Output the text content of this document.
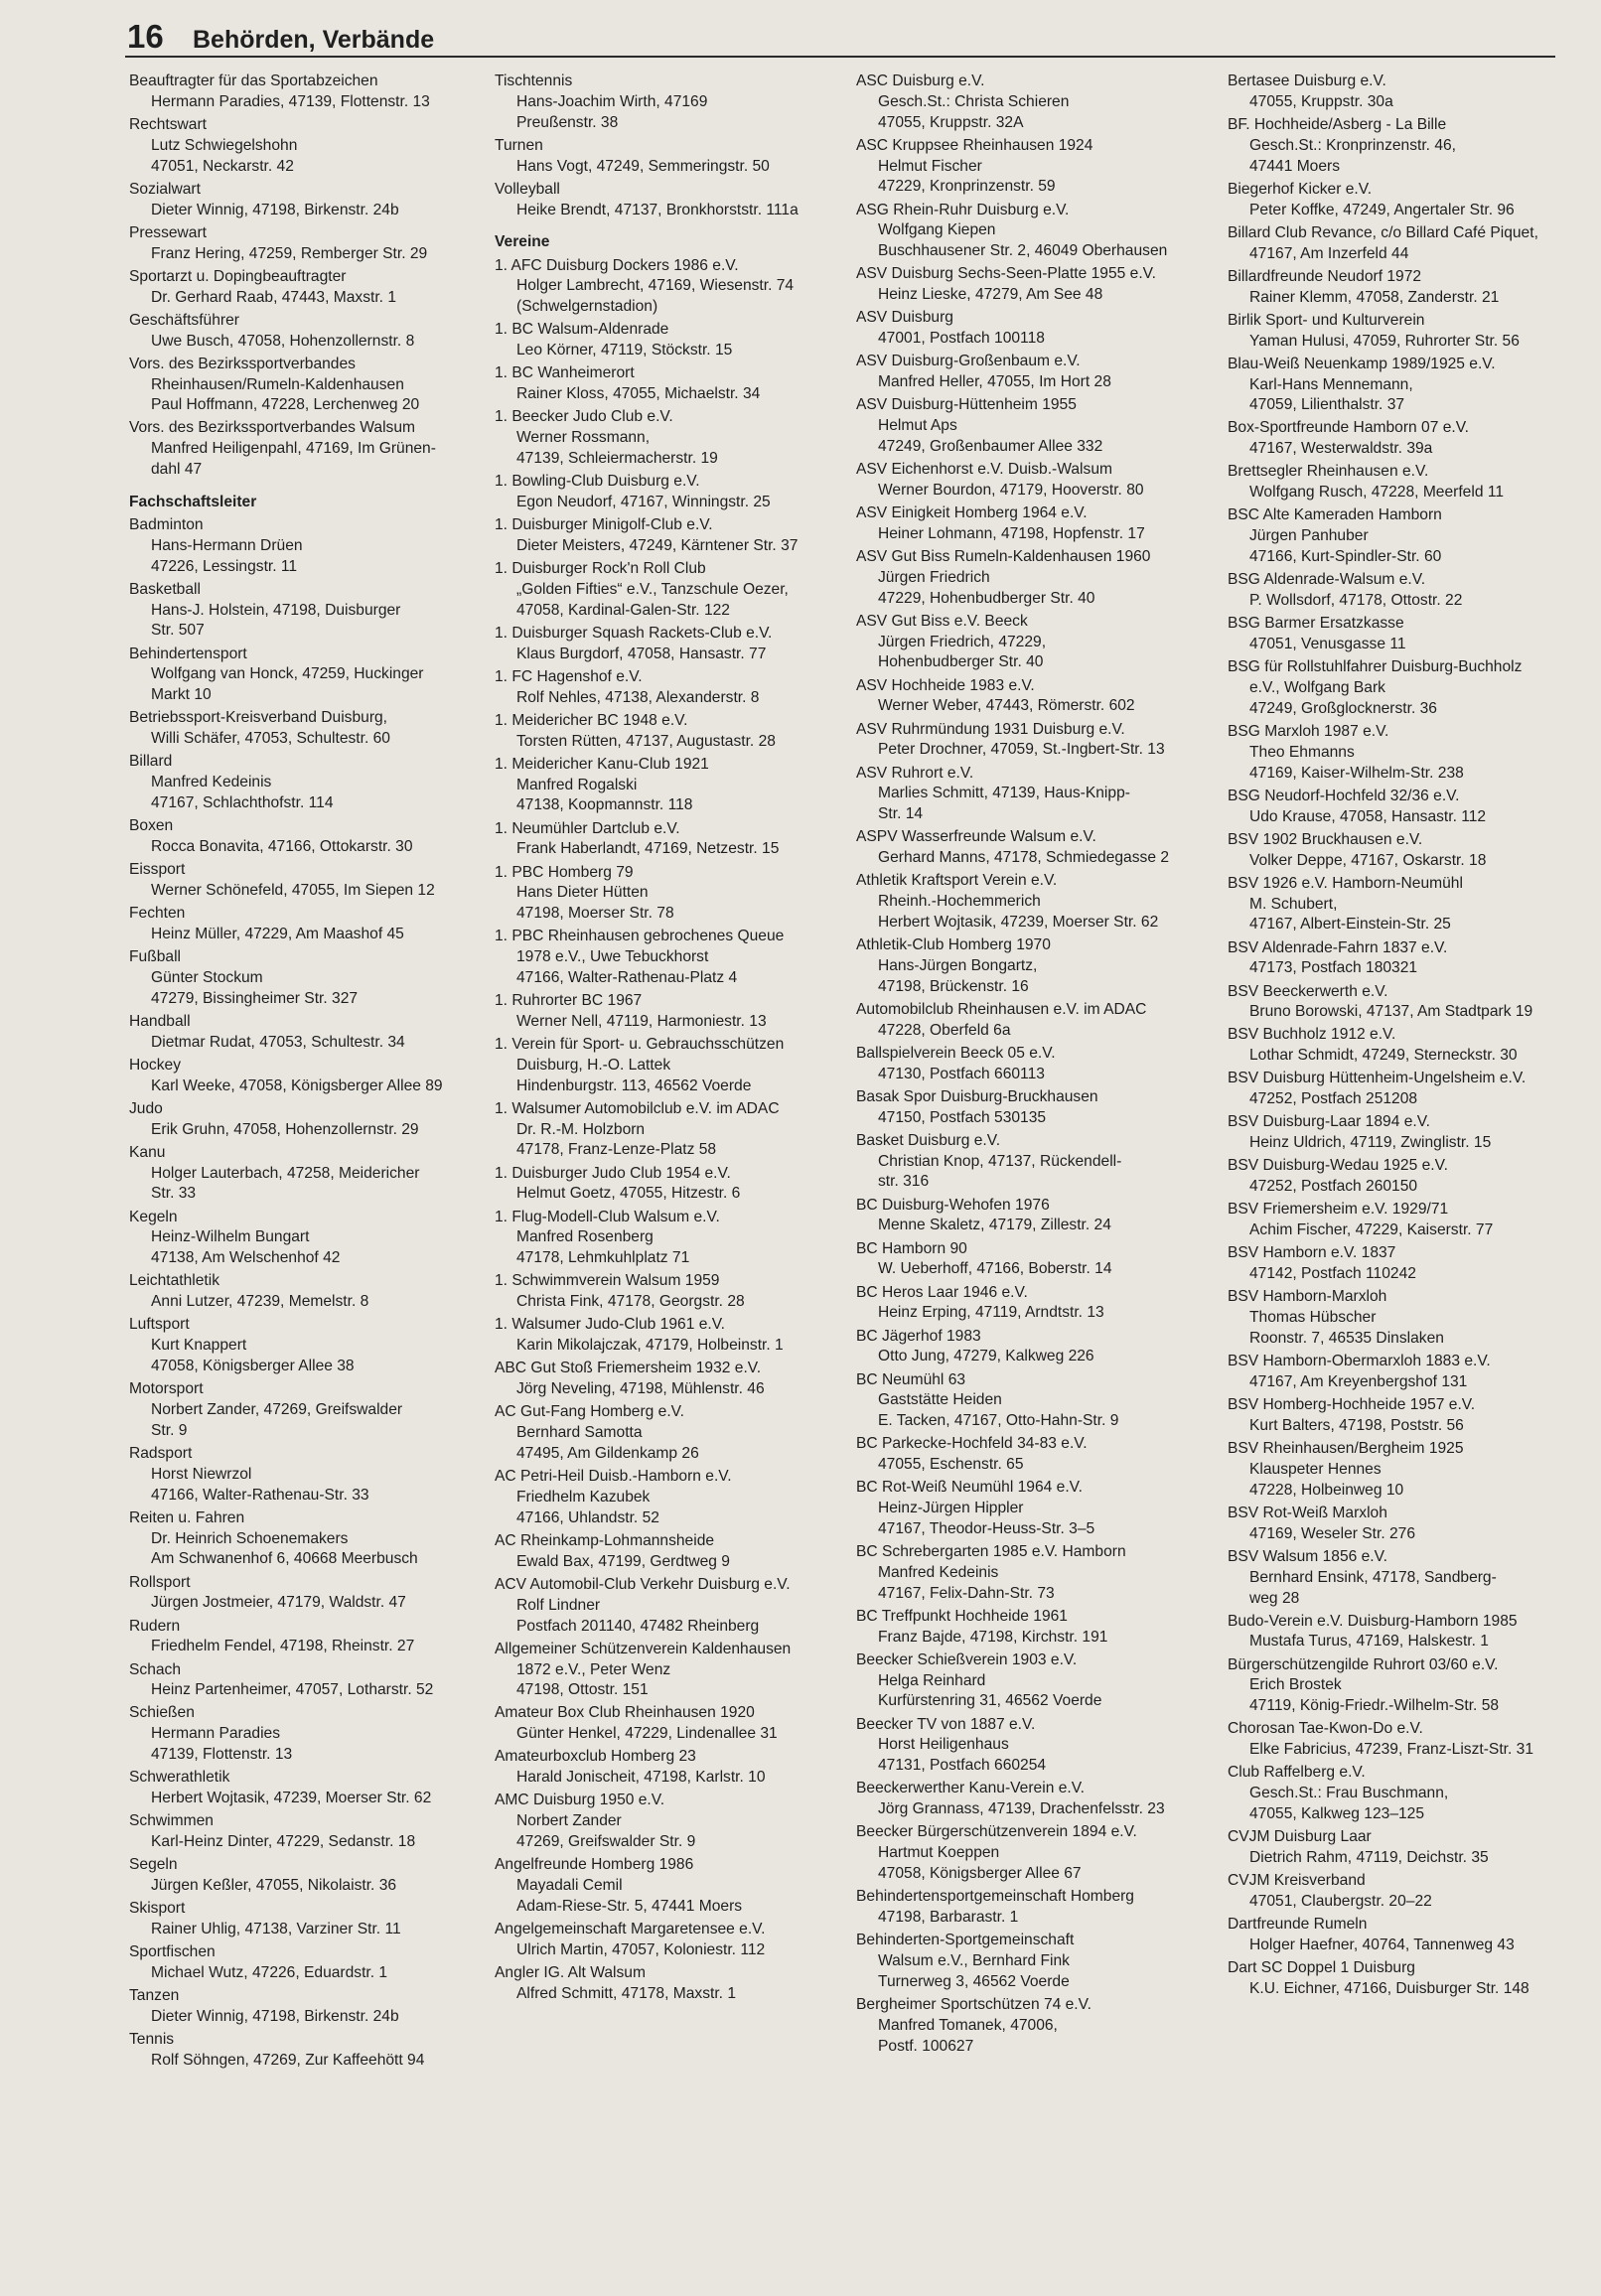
16 Behörden, Verbände
Beauftragter für das Sportabzeichen
Hermann Paradies, 47139, Flottenstr. 13
Rechtswart
Lutz Schwiegelshohn
47051, Neckarstr. 42
Sozialwart
Dieter Winnig, 47198, Birkenstr. 24b
Pressewart
Franz Hering, 47259, Remberger Str. 29
Sportarzt u. Dopingbeauftragter
Dr. Gerhard Raab, 47443, Maxstr. 1
Geschäftsführer
Uwe Busch, 47058, Hohenzollernstr. 8
Vors. des Bezirkssportverbandes
Rheinhausen/Rumeln-Kaldenhausen
Paul Hoffmann, 47228, Lerchenweg 20
Vors. des Bezirkssportverbandes Walsum
Manfred Heiligenpahl, 47169, Im Grünen-
dahl 47
Fachschaftsleiter
Badminton
Hans-Hermann Drüen
47226, Lessingstr. 11
Basketball
Hans-J. Holstein, 47198, Duisburger
Str. 507
Behindertensport
Wolfgang van Honck, 47259, Huckinger
Markt 10
Betriebssport-Kreisverband Duisburg,
Willi Schäfer, 47053, Schultestr. 60
Billard
Manfred Kedeinis
47167, Schlachthofstr. 114
Boxen
Rocca Bonavita, 47166, Ottokarstr. 30
Eissport
Werner Schönefeld, 47055, Im Siepen 12
Fechten
Heinz Müller, 47229, Am Maashof 45
Fußball
Günter Stockum
47279, Bissingheimer Str. 327
Handball
Dietmar Rudat, 47053, Schultestr. 34
Hockey
Karl Weeke, 47058, Königsberger Allee 89
Judo
Erik Gruhn, 47058, Hohenzollernstr. 29
Kanu
Holger Lauterbach, 47258, Meidericher
Str. 33
Kegeln
Heinz-Wilhelm Bungart
47138, Am Welschenhof 42
Leichtathletik
Anni Lutzer, 47239, Memelstr. 8
Luftsport
Kurt Knappert
47058, Königsberger Allee 38
Motorsport
Norbert Zander, 47269, Greifswalder
Str. 9
Radsport
Horst Niewrzol
47166, Walter-Rathenau-Str. 33
Reiten u. Fahren
Dr. Heinrich Schoenemakers
Am Schwanenhof 6, 40668 Meerbusch
Rollsport
Jürgen Jostmeier, 47179, Waldstr. 47
Rudern
Friedhelm Fendel, 47198, Rheinstr. 27
Schach
Heinz Partenheimer, 47057, Lotharstr. 52
Schießen
Hermann Paradies
47139, Flottenstr. 13
Schwerathletik
Herbert Wojtasik, 47239, Moerser Str. 62
Schwimmen
Karl-Heinz Dinter, 47229, Sedanstr. 18
Segeln
Jürgen Keßler, 47055, Nikolaistr. 36
Skisport
Rainer Uhlig, 47138, Varziner Str. 11
Sportfischen
Michael Wutz, 47226, Eduardstr. 1
Tanzen
Dieter Winnig, 47198, Birkenstr. 24b
Tennis
Rolf Söhngen, 47269, Zur Kaffeehött 94
Tischtennis
Hans-Joachim Wirth, 47169
Preußenstr. 38
Turnen
Hans Vogt, 47249, Semmeringstr. 50
Volleyball
Heike Brendt, 47137, Bronkhorststr. 111a
Vereine
1. AFC Duisburg Dockers 1986 e.V.
Holger Lambrecht, 47169, Wiesenstr. 74
(Schwelgernstadion)
1. BC Walsum-Aldenrade
Leo Körner, 47119, Stöckstr. 15
1. BC Wanheimerort
Rainer Kloss, 47055, Michaelstr. 34
1. Beecker Judo Club e.V.
Werner Rossmann,
47139, Schleiermacherstr. 19
1. Bowling-Club Duisburg e.V.
Egon Neudorf, 47167, Winningstr. 25
1. Duisburger Minigolf-Club e.V.
Dieter Meisters, 47249, Kärntener Str. 37
1. Duisburger Rock'n Roll Club
„Golden Fifties“ e.V., Tanzschule Oezer,
47058, Kardinal-Galen-Str. 122
1. Duisburger Squash Rackets-Club e.V.
Klaus Burgdorf, 47058, Hansastr. 77
1. FC Hagenshof e.V.
Rolf Nehles, 47138, Alexanderstr. 8
1. Meidericher BC 1948 e.V.
Torsten Rütten, 47137, Augustastr. 28
1. Meidericher Kanu-Club 1921
Manfred Rogalski
47138, Koopmannstr. 118
1. Neumühler Dartclub e.V.
Frank Haberlandt, 47169, Netzestr. 15
1. PBC Homberg 79
Hans Dieter Hütten
47198, Moerser Str. 78
1. PBC Rheinhausen gebrochenes Queue
1978 e.V., Uwe Tebuckhorst
47166, Walter-Rathenau-Platz 4
1. Ruhrorter BC 1967
Werner Nell, 47119, Harmoniestr. 13
1. Verein für Sport- u. Gebrauchsschützen
Duisburg, H.-O. Lattek
Hindenburgstr. 113, 46562 Voerde
1. Walsumer Automobilclub e.V. im ADAC
Dr. R.-M. Holzborn
47178, Franz-Lenze-Platz 58
1. Duisburger Judo Club 1954 e.V.
Helmut Goetz, 47055, Hitzestr. 6
1. Flug-Modell-Club Walsum e.V.
Manfred Rosenberg
47178, Lehmkuhlplatz 71
1. Schwimmverein Walsum 1959
Christa Fink, 47178, Georgstr. 28
1. Walsumer Judo-Club 1961 e.V.
Karin Mikolajczak, 47179, Holbeinstr. 1
ABC Gut Stoß Friemersheim 1932 e.V.
Jörg Neveling, 47198, Mühlenstr. 46
AC Gut-Fang Homberg e.V.
Bernhard Samotta
47495, Am Gildenkamp 26
AC Petri-Heil Duisb.-Hamborn e.V.
Friedhelm Kazubek
47166, Uhlandstr. 52
AC Rheinkamp-Lohmannsheide
Ewald Bax, 47199, Gerdtweg 9
ACV Automobil-Club Verkehr Duisburg e.V.
Rolf Lindner
Postfach 201140, 47482 Rheinberg
Allgemeiner Schützenverein Kaldenhausen
1872 e.V., Peter Wenz
47198, Ottostr. 151
Amateur Box Club Rheinhausen 1920
Günter Henkel, 47229, Lindenallee 31
Amateurboxclub Homberg 23
Harald Jonischeit, 47198, Karlstr. 10
AMC Duisburg 1950 e.V.
Norbert Zander
47269, Greifswalder Str. 9
Angelfreunde Homberg 1986
Mayadali Cemil
Adam-Riese-Str. 5, 47441 Moers
Angelgemeinschaft Margaretensee e.V.
Ulrich Martin, 47057, Koloniestr. 112
Angler IG. Alt Walsum
Alfred Schmitt, 47178, Maxstr. 1
ASC Duisburg e.V.
Gesch.St.: Christa Schieren
47055, Kruppstr. 32A
ASC Kruppsee Rheinhausen 1924
Helmut Fischer
47229, Kronprinzenstr. 59
ASG Rhein-Ruhr Duisburg e.V.
Wolfgang Kiepen
Buschhausener Str. 2, 46049 Oberhausen
ASV Duisburg Sechs-Seen-Platte 1955 e.V.
Heinz Lieske, 47279, Am See 48
ASV Duisburg
47001, Postfach 100118
ASV Duisburg-Großenbaum e.V.
Manfred Heller, 47055, Im Hort 28
ASV Duisburg-Hüttenheim 1955
Helmut Aps
47249, Großenbaumer Allee 332
ASV Eichenhorst e.V. Duisb.-Walsum
Werner Bourdon, 47179, Hooverstr. 80
ASV Einigkeit Homberg 1964 e.V.
Heiner Lohmann, 47198, Hopfenstr. 17
ASV Gut Biss Rumeln-Kaldenhausen 1960
Jürgen Friedrich
47229, Hohenbudberger Str. 40
ASV Gut Biss e.V. Beeck
Jürgen Friedrich, 47229,
Hohenbudberger Str. 40
ASV Hochheide 1983 e.V.
Werner Weber, 47443, Römerstr. 602
ASV Ruhrmündung 1931 Duisburg e.V.
Peter Drochner, 47059, St.-Ingbert-Str. 13
ASV Ruhrort e.V.
Marlies Schmitt, 47139, Haus-Knipp-
Str. 14
ASPV Wasserfreunde Walsum e.V.
Gerhard Manns, 47178, Schmiedegasse 2
Athletik Kraftsport Verein e.V.
Rheinh.-Hochemmerich
Herbert Wojtasik, 47239, Moerser Str. 62
Athletik-Club Homberg 1970
Hans-Jürgen Bongartz,
47198, Brückenstr. 16
Automobilclub Rheinhausen e.V. im ADAC
47228, Oberfeld 6a
Ballspielverein Beeck 05 e.V.
47130, Postfach 660113
Basak Spor Duisburg-Bruckhausen
47150, Postfach 530135
Basket Duisburg e.V.
Christian Knop, 47137, Rückendell-
str. 316
BC Duisburg-Wehofen 1976
Menne Skaletz, 47179, Zillestr. 24
BC Hamborn 90
W. Ueberhoff, 47166, Boberstr. 14
BC Heros Laar 1946 e.V.
Heinz Erping, 47119, Arndtstr. 13
BC Jägerhof 1983
Otto Jung, 47279, Kalkweg 226
BC Neumühl 63
Gaststätte Heiden
E. Tacken, 47167, Otto-Hahn-Str. 9
BC Parkecke-Hochfeld 34-83 e.V.
47055, Eschenstr. 65
BC Rot-Weiß Neumühl 1964 e.V.
Heinz-Jürgen Hippler
47167, Theodor-Heuss-Str. 3–5
BC Schrebergarten 1985 e.V. Hamborn
Manfred Kedeinis
47167, Felix-Dahn-Str. 73
BC Treffpunkt Hochheide 1961
Franz Bajde, 47198, Kirchstr. 191
Beecker Schießverein 1903 e.V.
Helga Reinhard
Kurfürstenring 31, 46562 Voerde
Beecker TV von 1887 e.V.
Horst Heiligenhaus
47131, Postfach 660254
Beeckerwerther Kanu-Verein e.V.
Jörg Grannass, 47139, Drachenfelsstr. 23
Beecker Bürgerschützenverein 1894 e.V.
Hartmut Koeppen
47058, Königsberger Allee 67
Behindertensportgemeinschaft Homberg
47198, Barbarastr. 1
Behinderten-Sportgemeinschaft
Walsum e.V., Bernhard Fink
Turnerweg 3, 46562 Voerde
Bergheimer Sportschützen 74 e.V.
Manfred Tomanek, 47006,
Postf. 100627
Bertasee Duisburg e.V.
47055, Kruppstr. 30a
BF. Hochheide/Asberg - La Bille
Gesch.St.: Kronprinzenstr. 46,
47441 Moers
Biegerhof Kicker e.V.
Peter Koffke, 47249, Angertaler Str. 96
Billard Club Revance, c/o Billard Café Piquet,
47167, Am Inzerfeld 44
Billardfreunde Neudorf 1972
Rainer Klemm, 47058, Zanderstr. 21
Birlik Sport- und Kulturverein
Yaman Hulusi, 47059, Ruhrorter Str. 56
Blau-Weiß Neuenkamp 1989/1925 e.V.
Karl-Hans Mennemann,
47059, Lilienthalstr. 37
Box-Sportfreunde Hamborn 07 e.V.
47167, Westerwaldstr. 39a
Brettsegler Rheinhausen e.V.
Wolfgang Rusch, 47228, Meerfeld 11
BSC Alte Kameraden Hamborn
Jürgen Panhuber
47166, Kurt-Spindler-Str. 60
BSG Aldenrade-Walsum e.V.
P. Wollsdorf, 47178, Ottostr. 22
BSG Barmer Ersatzkasse
47051, Venusgasse 11
BSG für Rollstuhlfahrer Duisburg-Buchholz
e.V., Wolfgang Bark
47249, Großglocknerstr. 36
BSG Marxloh 1987 e.V.
Theo Ehmanns
47169, Kaiser-Wilhelm-Str. 238
BSG Neudorf-Hochfeld 32/36 e.V.
Udo Krause, 47058, Hansastr. 112
BSV 1902 Bruckhausen e.V.
Volker Deppe, 47167, Oskarstr. 18
BSV 1926 e.V. Hamborn-Neumühl
M. Schubert,
47167, Albert-Einstein-Str. 25
BSV Aldenrade-Fahrn 1837 e.V.
47173, Postfach 180321
BSV Beeckerwerth e.V.
Bruno Borowski, 47137, Am Stadtpark 19
BSV Buchholz 1912 e.V.
Lothar Schmidt, 47249, Sterneckstr. 30
BSV Duisburg Hüttenheim-Ungelsheim e.V.
47252, Postfach 251208
BSV Duisburg-Laar 1894 e.V.
Heinz Uldrich, 47119, Zwinglistr. 15
BSV Duisburg-Wedau 1925 e.V.
47252, Postfach 260150
BSV Friemersheim e.V. 1929/71
Achim Fischer, 47229, Kaiserstr. 77
BSV Hamborn e.V. 1837
47142, Postfach 110242
BSV Hamborn-Marxloh
Thomas Hübscher
Roonstr. 7, 46535 Dinslaken
BSV Hamborn-Obermarxloh 1883 e.V.
47167, Am Kreyenbergshof 131
BSV Homberg-Hochheide 1957 e.V.
Kurt Balters, 47198, Poststr. 56
BSV Rheinhausen/Bergheim 1925
Klauspeter Hennes
47228, Holbeinweg 10
BSV Rot-Weiß Marxloh
47169, Weseler Str. 276
BSV Walsum 1856 e.V.
Bernhard Ensink, 47178, Sandberg-
weg 28
Budo-Verein e.V. Duisburg-Hamborn 1985
Mustafa Turus, 47169, Halskestr. 1
Bürgerschützengilde Ruhrort 03/60 e.V.
Erich Brostek
47119, König-Friedr.-Wilhelm-Str. 58
Chorosan Tae-Kwon-Do e.V.
Elke Fabricius, 47239, Franz-Liszt-Str. 31
Club Raffelberg e.V.
Gesch.St.: Frau Buschmann,
47055, Kalkweg 123–125
CVJM Duisburg Laar
Dietrich Rahm, 47119, Deichstr. 35
CVJM Kreisverband
47051, Claubergstr. 20–22
Dartfreunde Rumeln
Holger Haefner, 40764, Tannenweg 43
Dart SC Doppel 1 Duisburg
K.U. Eichner, 47166, Duisburger Str. 148
